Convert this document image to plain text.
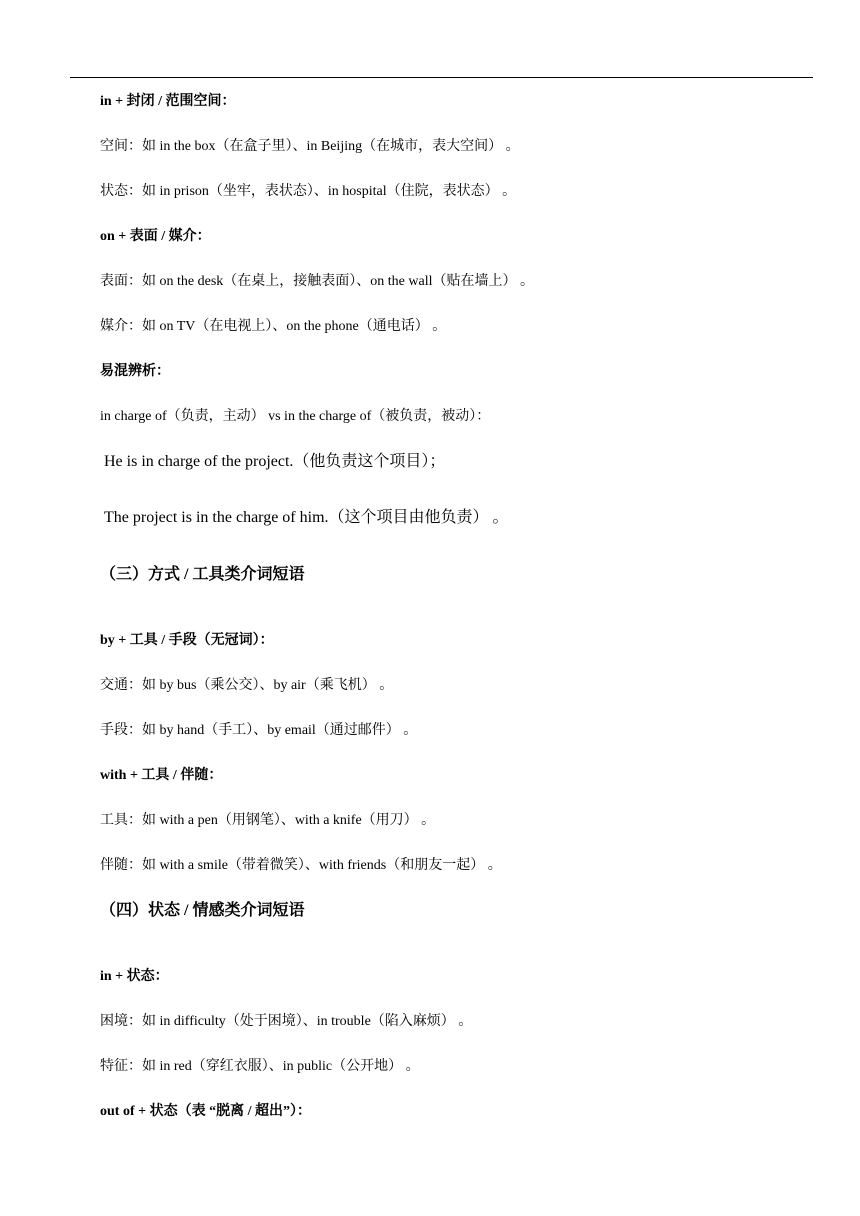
in + 封闭 / 范围空间：
空间：如 in the box（在盒子里）、in Beijing（在城市，表大空间） 。
状态：如 in prison（坐牢，表状态）、in hospital（住院，表状态） 。
on + 表面 / 媒介：
表面：如 on the desk（在桌上，接触表面）、on the wall（贴在墙上） 。
媒介：如 on TV（在电视上）、on the phone（通电话） 。
易混辨析：
in charge of（负责，主动） vs in the charge of（被负责，被动）：
He is in charge of the project.（他负责这个项目）；
The project is in the charge of him.（这个项目由他负责） 。
（三）方式 / 工具类介词短语
by + 工具 / 手段（无冠词）：
交通：如 by bus（乘公交）、by air（乘飞机） 。
手段：如 by hand（手工）、by email（通过邮件） 。
with + 工具 / 伴随：
工具：如 with a pen（用钢笔）、with a knife（用刀） 。
伴随：如 with a smile（带着微笑）、with friends（和朋友一起） 。
（四）状态 / 情感类介词短语
in + 状态：
困境：如 in difficulty（处于困境）、in trouble（陷入麻烦） 。
特征：如 in red（穿红衣服）、in public（公开地） 。
out of + 状态（表 “脱离 / 超出”）：
